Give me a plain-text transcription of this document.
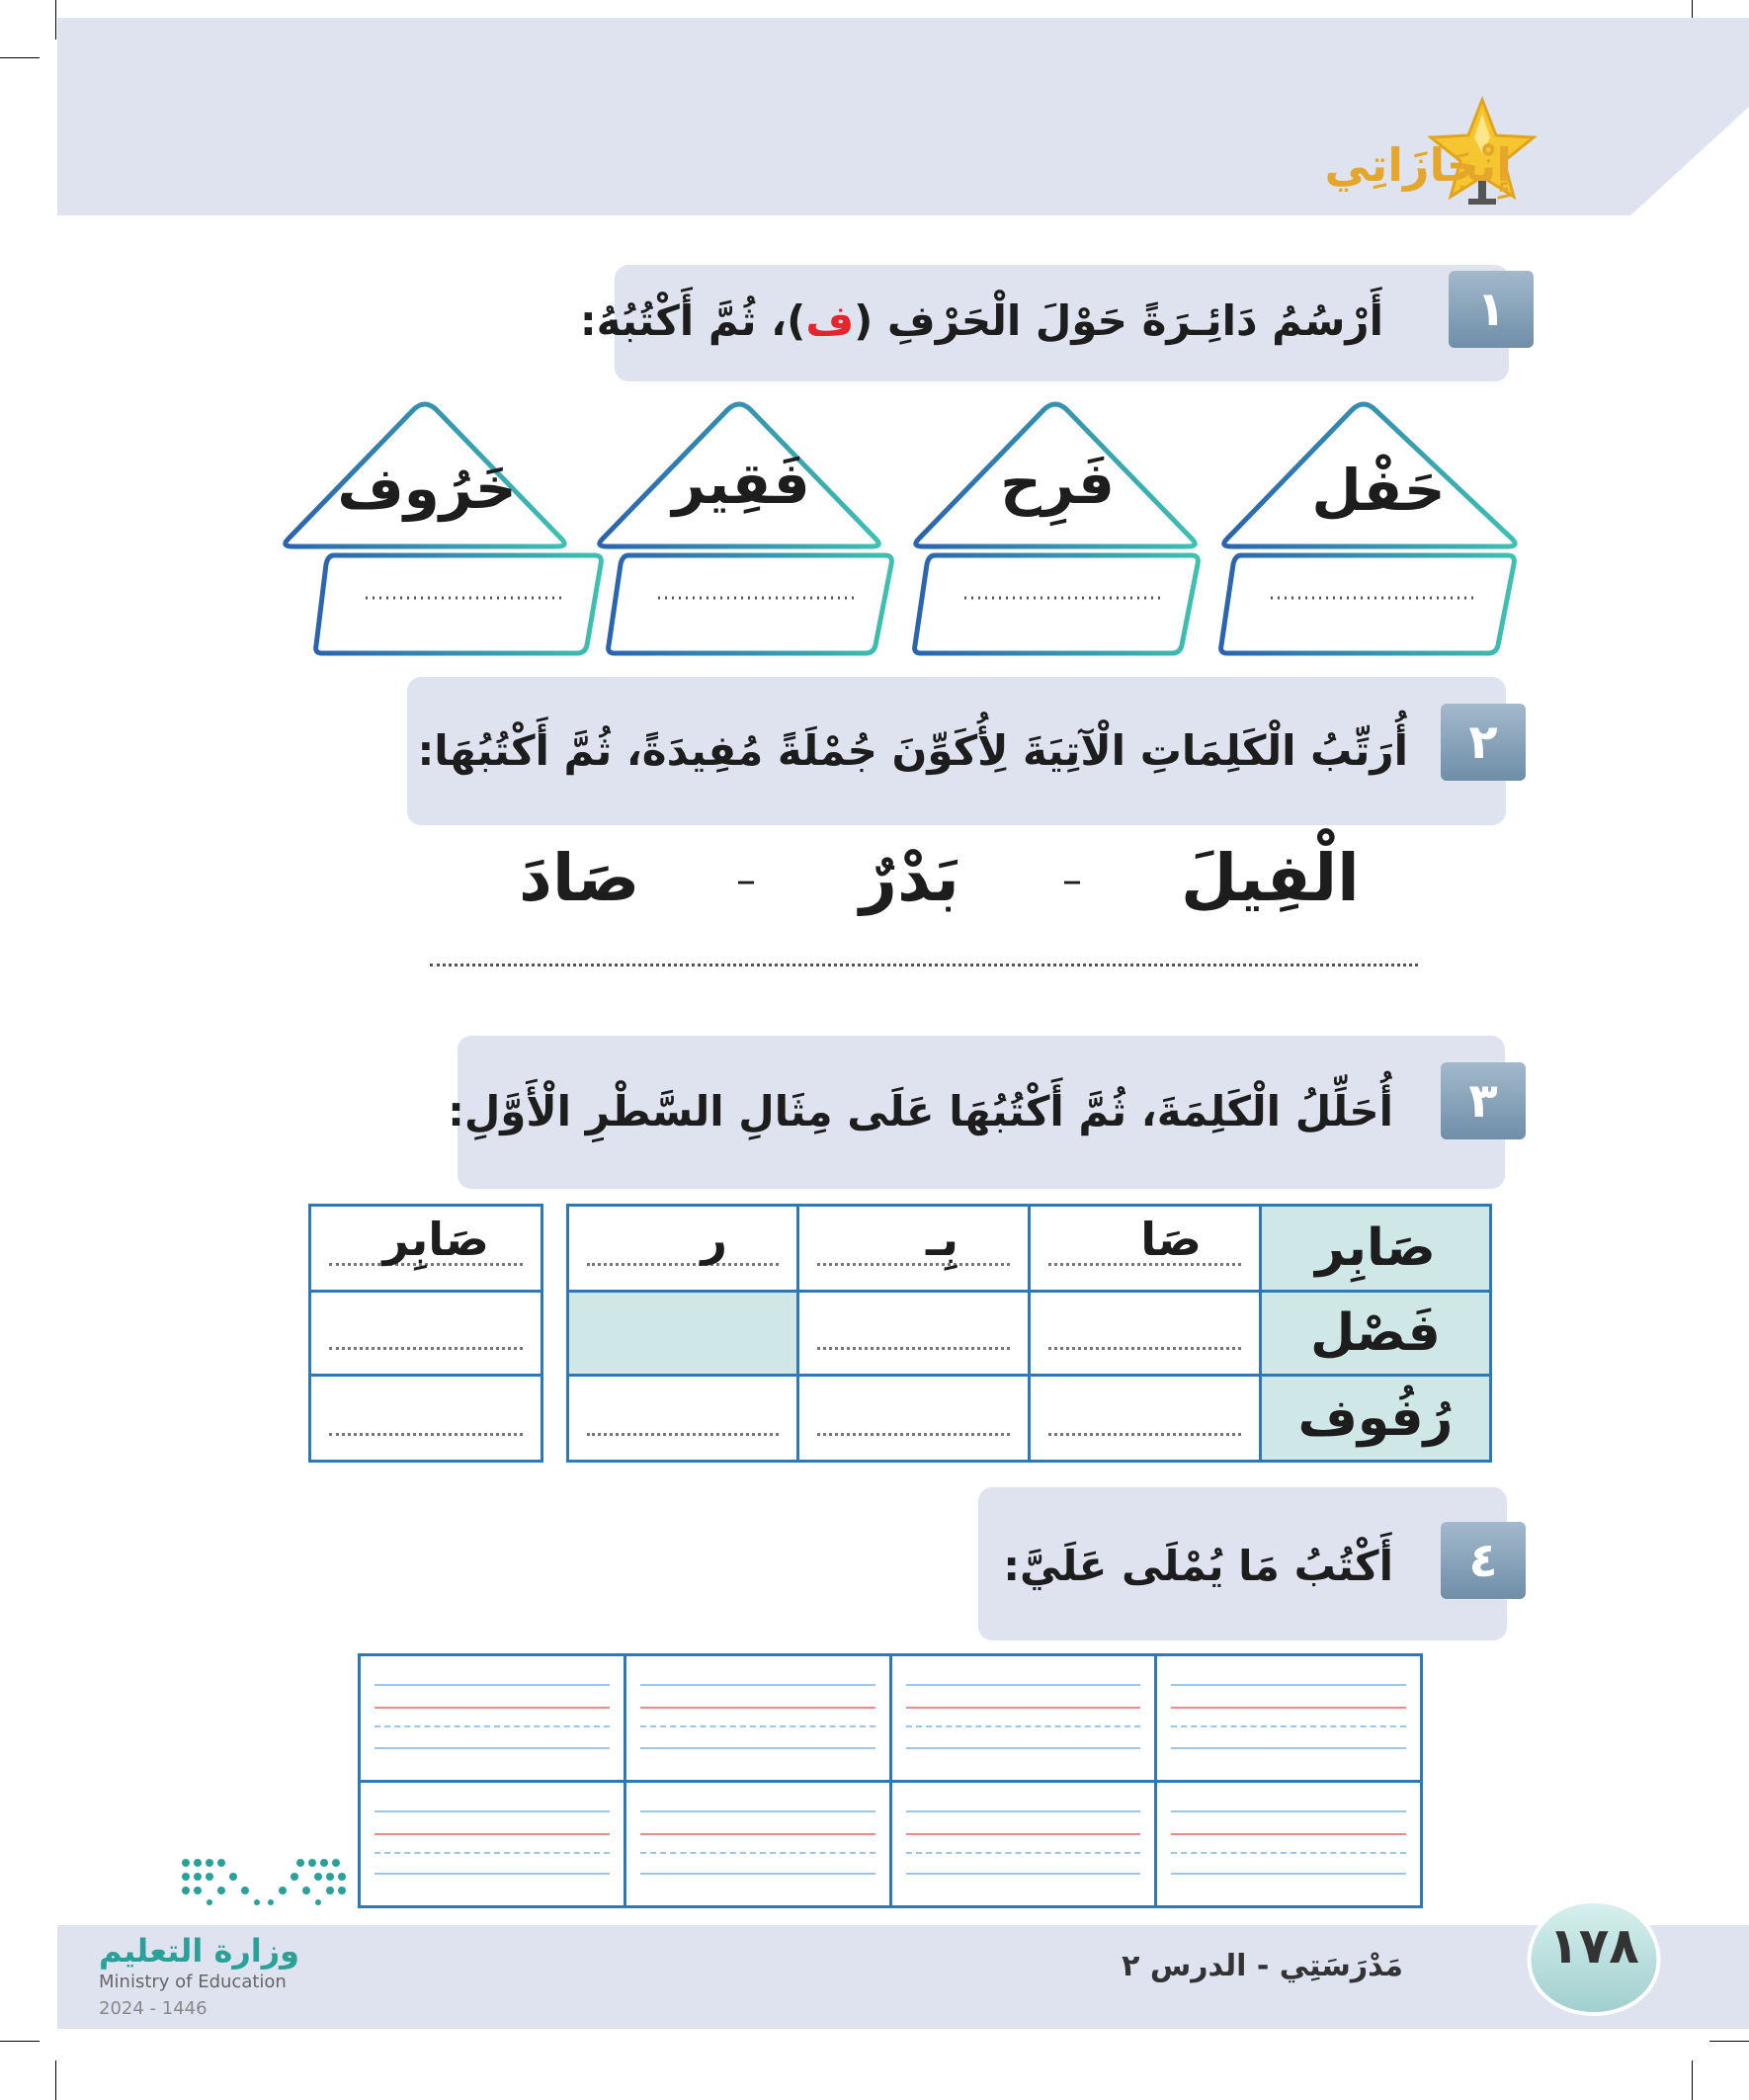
إِنْجَازَاتِي
١
أَرْسُمُ دَائِـرَةً حَوْلَ الْحَرْفِ (ف)، ثُمَّ أَكْتُبُهُ:
حَفْل
فَرِح
فَقِير
خَرُوف
٢
أُرَتِّبُ الْكَلِمَاتِ الْآتِيَةَ لِأُكَوِّنَ جُمْلَةً مُفِيدَةً، ثُمَّ أَكْتُبُهَا:
الْفِيلَ
–
بَدْرٌ
–
صَادَ
٣
أُحَلِّلُ الْكَلِمَةَ، ثُمَّ أَكْتُبُهَا عَلَى مِثَالِ السَّطْرِ الْأَوَّلِ:
صَابِر
صَا
بِـ
ر
صَابِر
فَصْل
رُفُوف
٤
أَكْتُبُ مَا يُمْلَى عَلَيَّ:
١٧٨
مَدْرَسَتِي - الدرس ٢
وزارة التعليم
Ministry of Education
2024 - 1446
